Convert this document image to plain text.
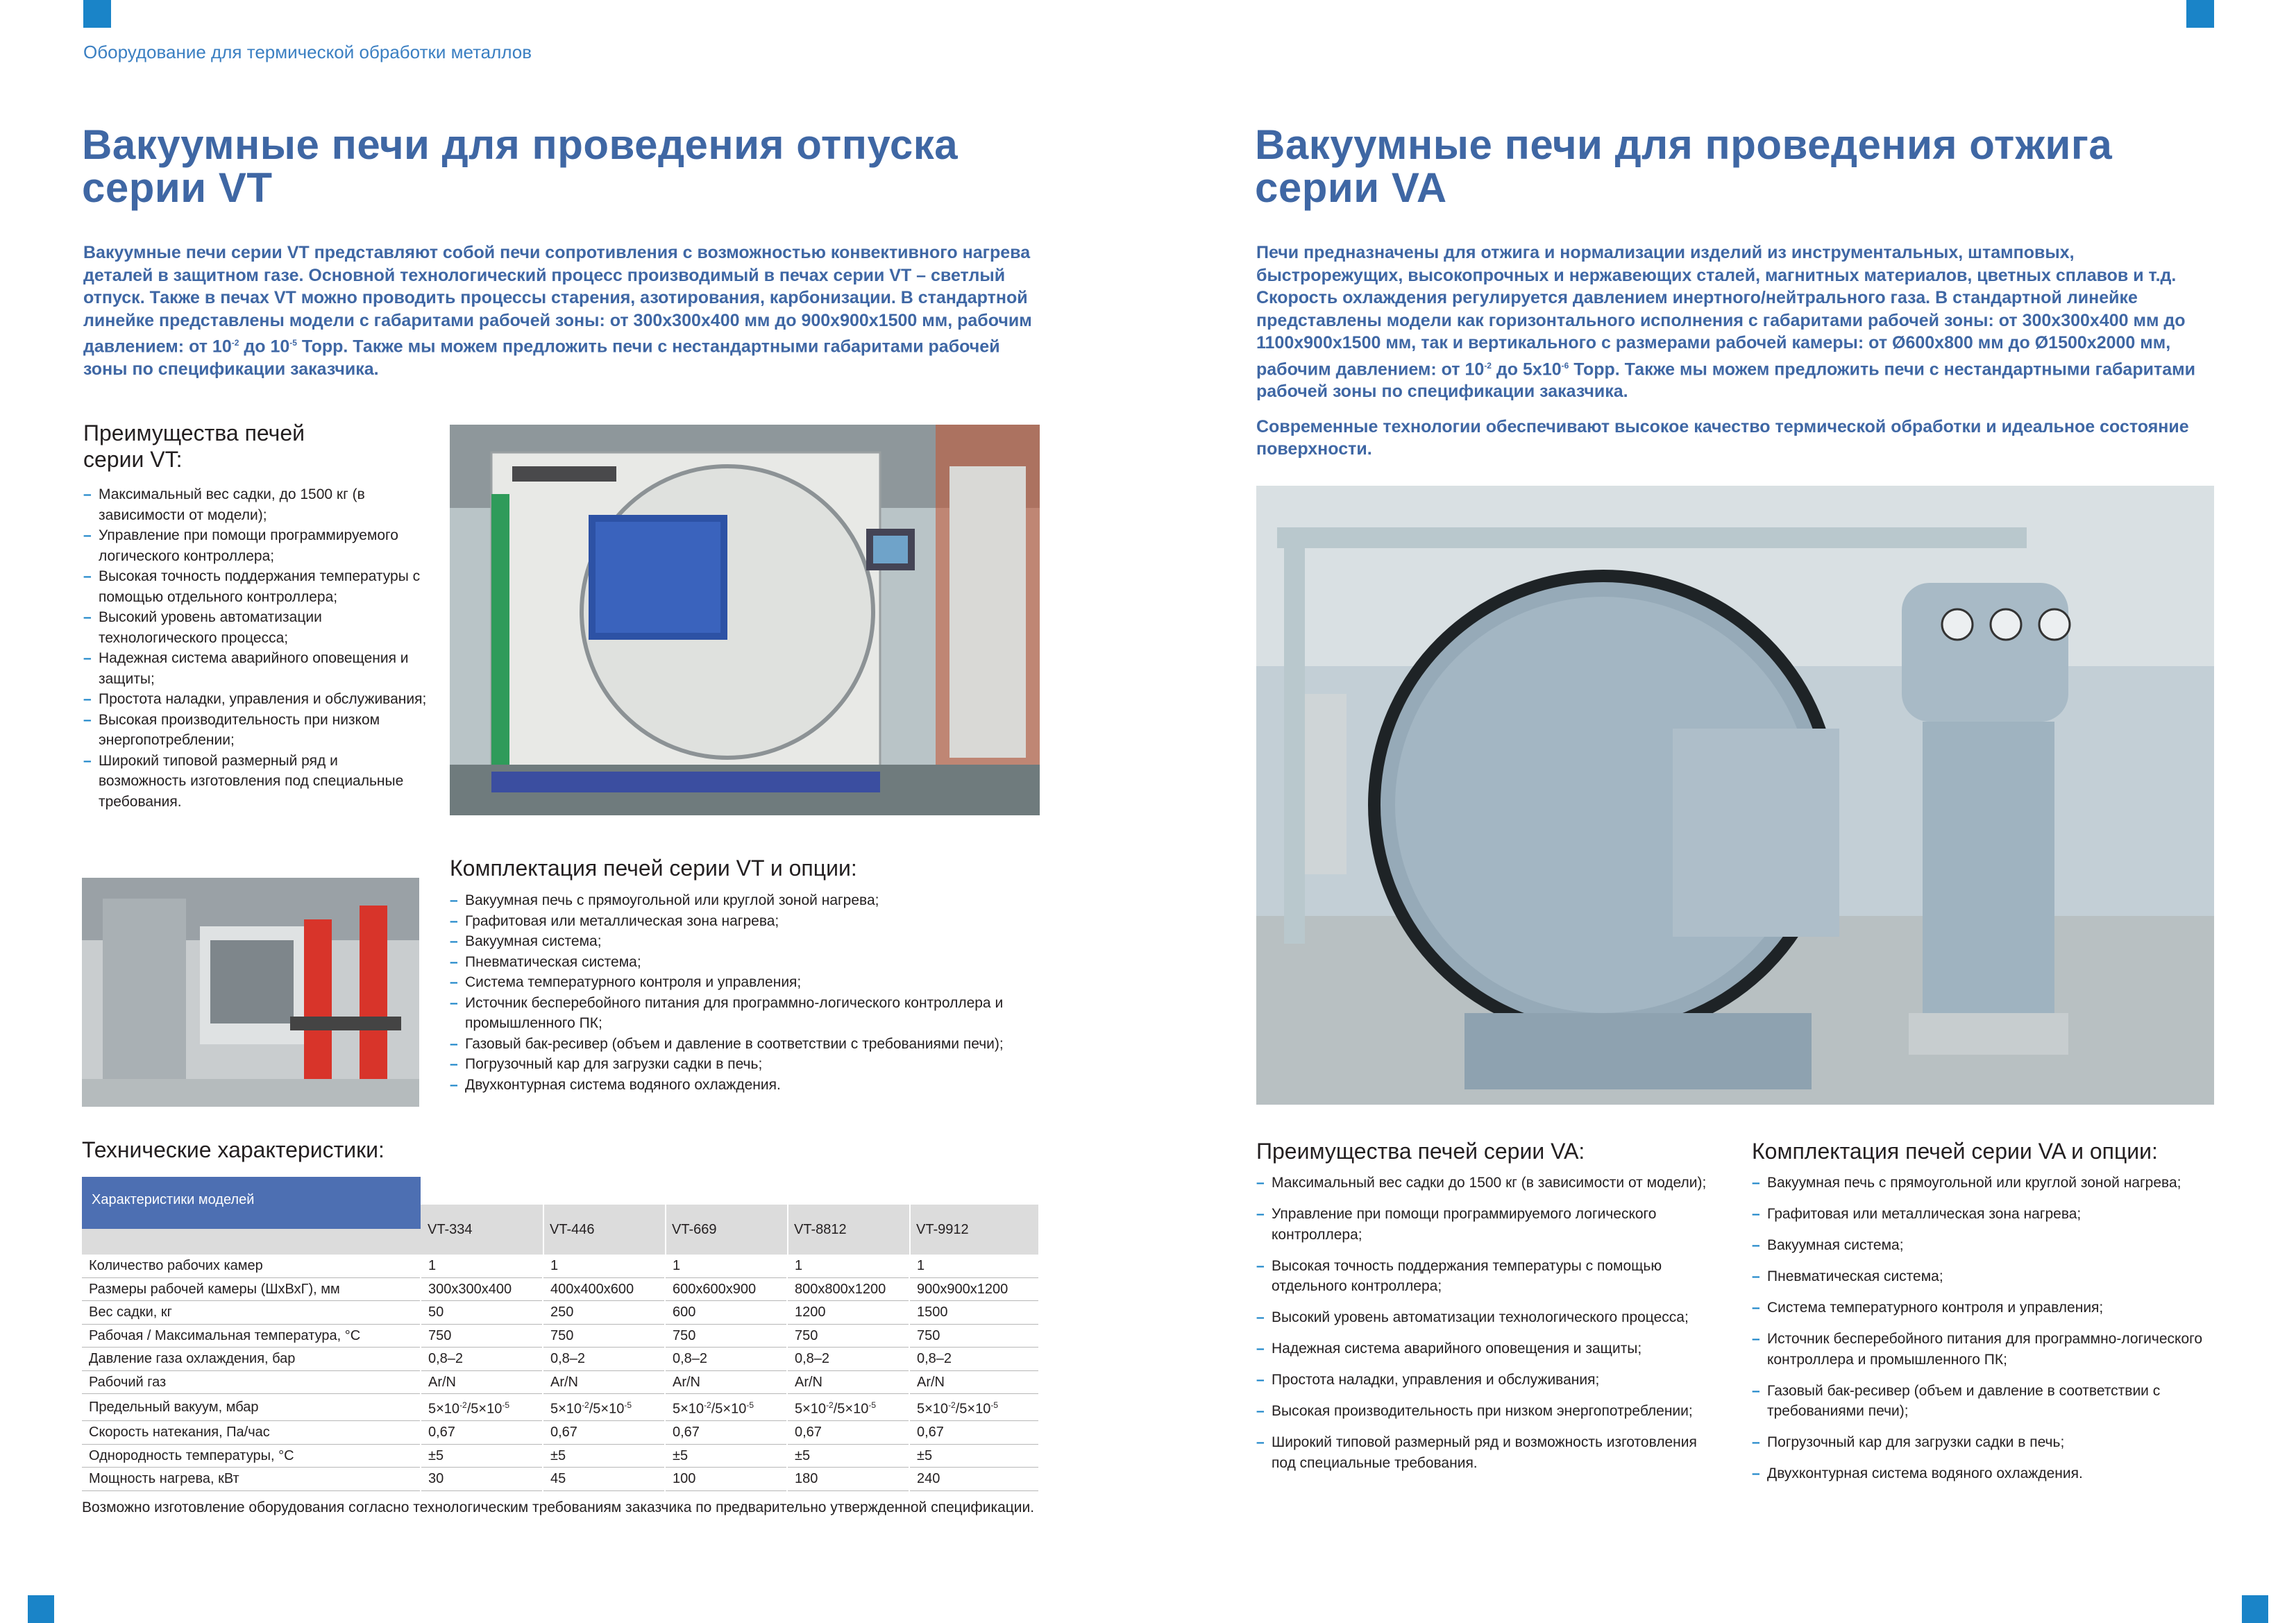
Оборудование для термической обработки металлов
Вакуумные печи для проведения отпуска
серии VT

Вакуумные печи серии VT представляют собой печи сопротивления с возможностью конвективного нагрева деталей в защитном газе. Основной технологический процесс производимый в печах серии VT – светлый отпуск. Также в печах VT можно проводить процессы старения, азотирования, карбонизации. В стандартной линейке представлены модели с габаритами рабочей зоны: от 300х300х400 мм до 900х900х1500 мм, рабочим давлением: от $10^{-2}$ до $10^{-5}$ Торр. Также мы можем предложить печи с нестандартными габаритами рабочей зоны по спецификации заказчика.

Преимущества печей серии VT:
– Максимальный вес садки, до 1500 кг (в зависимости от модели);
– Управление при помощи программируемого логического контроллера;
– Высокая точность поддержания температуры с помощью отдельного контроллера;
– Высокий уровень автоматизации технологического процесса;
– Надежная система аварийного оповещения и защиты;
– Простота наладки, управления и обслуживания;
– Высокая производительность при низком энергопотреблении;
– Широкий типовой размерный ряд и возможность изготовления под специальные требования.
Комплектация печей серии VT и опции:
– Вакуумная печь с прямоугольной или круглой зоной нагрева;
– Графитовая или металлическая зона нагрева;
– Вакуумная система;
– Пневматическая система;
– Система температурного контроля и управления;
– Источник бесперебойного питания для программно-логического контроллера и промышленного ПК;
– Газовый бак-ресивер (объем и давление в соответствии с требованиями печи);
– Погрузочный кар для загрузки садки в печь;
– Двухконтурная система водяного охлаждения.
Технические характеристики:
Характеристики моделей
VT-334	VT-446	VT-669	VT-8812	VT-9912
Количество рабочих камер	1	1	1	1	1
Размеры рабочей камеры (ШхВхГ), мм	300x300x400	400x400x600	600x600x900	800x800x1200	900x900x1200
Вес садки, кг	50	250	600	1200	1500
Рабочая / Максимальная температура, °С	750	750	750	750	750
Давление газа охлаждения, бар	0,8–2	0,8–2	0,8–2	0,8–2	0,8–2
Рабочий газ	Ar/N	Ar/N	Ar/N	Ar/N	Ar/N
Предельный вакуум, мбар	$5\times 10^{-2}/5\times 10^{-5}$	$5\times 10^{-2}/5\times 10^{-5}$	$5\times 10^{-2}/5\times 10^{-5}$	$5\times 10^{-2}/5\times 10^{-5}$	$5\times 10^{-2}/5\times 10^{-5}$
Скорость натекания, Па/час	0,67	0,67	0,67	0,67	0,67
Однородность температуры, °С	±5	±5	±5	±5	±5
Мощность нагрева, кВт	30	45	100	180	240
Возможно изготовление оборудования согласно технологическим требованиям заказчика по предварительно утвержденной спецификации.
Вакуумные печи для проведения отжига
серии VA

Печи предназначены для отжига и нормализации изделий из инструментальных, штамповых, быстрорежущих, высокопрочных и нержавеющих сталей, магнитных материалов, цветных сплавов и т.д. Скорость охлаждения регулируется давлением инертного/нейтрального газа. В стандартной линейке представлены модели как горизонтального исполнения с габаритами рабочей зоны: от 300х300х400 мм до 1100х900х1500 мм, так и вертикального с размерами рабочей камеры: от Ø600х800 мм до Ø1500х2000 мм, рабочим давлением: от $10^{-2}$ до $5х10^{-6}$ Торр. Также мы можем предложить печи с нестандартными габаритами рабочей зоны по спецификации заказчика.

Современные технологии обеспечивают высокое качество термической обработки и идеальное состояние поверхности.

Преимущества печей серии VA:
– Максимальный вес садки до 1500 кг (в зависимости от модели);
– Управление при помощи программируемого логического контроллера;
– Высокая точность поддержания температуры с помощью отдельного контроллера;
– Высокий уровень автоматизации технологического процесса;
– Надежная система аварийного оповещения и защиты;
– Простота наладки, управления и обслуживания;
– Высокая производительность при низком энергопотреблении;
– Широкий типовой размерный ряд и возможность изготовления под специальные требования.
Комплектация печей серии VA и опции:
– Вакуумная печь с прямоугольной или круглой зоной нагрева;
– Графитовая или металлическая зона нагрева;
– Вакуумная система;
– Пневматическая система;
– Система температурного контроля и управления;
– Источник бесперебойного питания для программно-логического контроллера и промышленного ПК;
– Газовый бак-ресивер (объем и давление в соответствии с требованиями печи);
– Погрузочный кар для загрузки садки в печь;
– Двухконтурная система водяного охлаждения.
